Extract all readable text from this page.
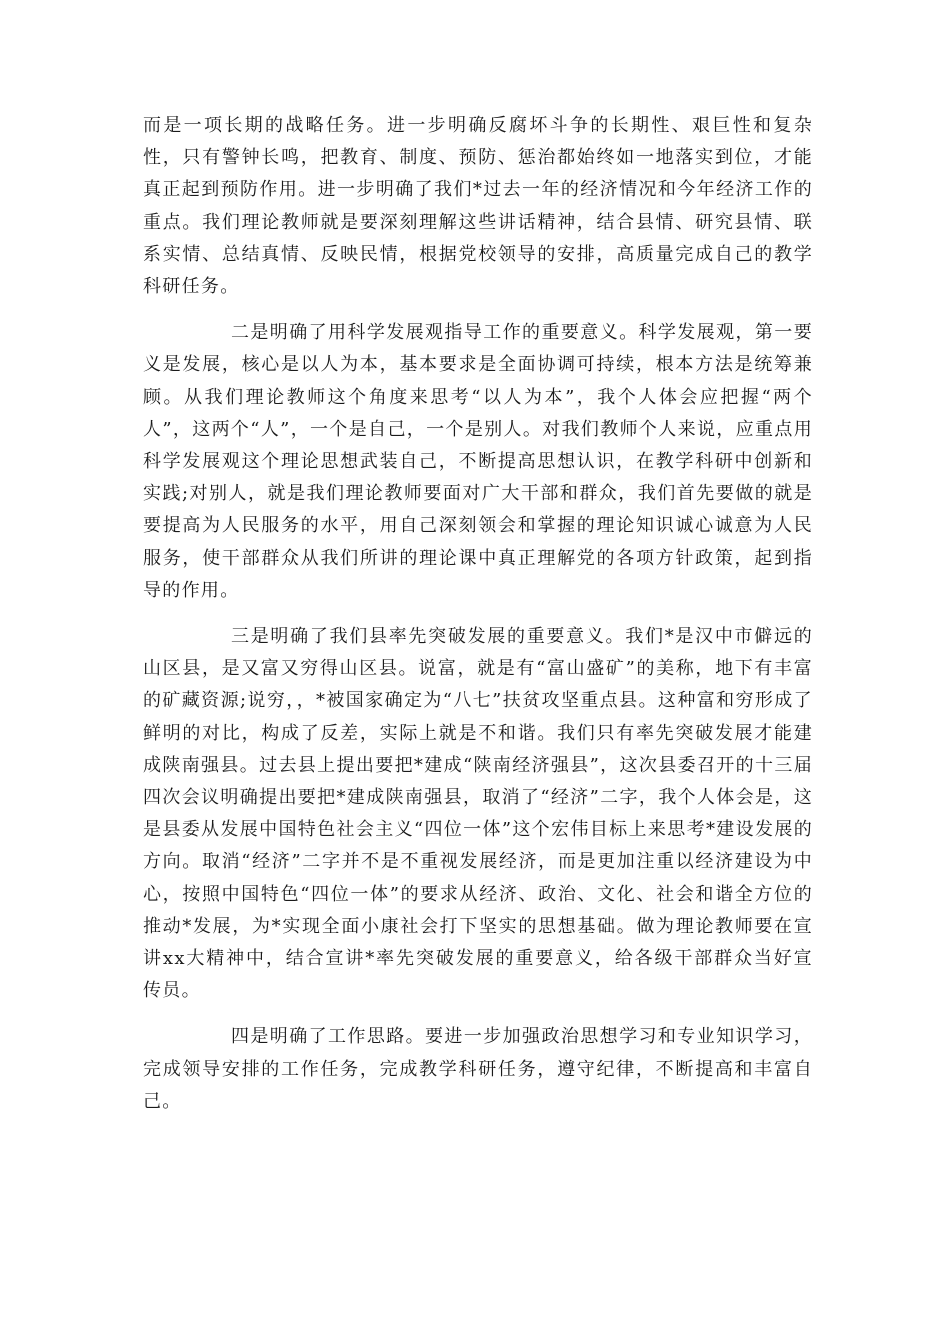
而是一项长期的战略任务。进一步明确反腐坏斗争的长期性、艰巨性和复杂性，只有警钟长鸣，把教育、制度、预防、惩治都始终如一地落实到位，才能真正起到预防作用。进一步明确了我们*过去一年的经济情况和今年经济工作的重点。我们理论教师就是要深刻理解这些讲话精神，结合县情、研究县情、联系实情、总结真情、反映民情，根据党校领导的安排，高质量完成自己的教学科研任务。

二是明确了用科学发展观指导工作的重要意义。科学发展观，第一要义是发展，核心是以人为本，基本要求是全面协调可持续，根本方法是统筹兼顾。从我们理论教师这个角度来思考“以人为本”，我个人体会应把握“两个人”，这两个“人”，一个是自己，一个是别人。对我们教师个人来说，应重点用科学发展观这个理论思想武装自己，不断提高思想认识，在教学科研中创新和实践;对别人，就是我们理论教师要面对广大干部和群众，我们首先要做的就是要提高为人民服务的水平，用自己深刻领会和掌握的理论知识诚心诚意为人民服务，使干部群众从我们所讲的理论课中真正理解党的各项方针政策，起到指导的作用。

三是明确了我们县率先突破发展的重要意义。我们*是汉中市僻远的山区县，是又富又穷得山区县。说富，就是有“富山盛矿”的美称，地下有丰富的矿藏资源;说穷，，*被国家确定为“八七”扶贫攻坚重点县。这种富和穷形成了鲜明的对比，构成了反差，实际上就是不和谐。我们只有率先突破发展才能建成陕南强县。过去县上提出要把*建成“陕南经济强县”，这次县委召开的十三届四次会议明确提出要把*建成陕南强县，取消了“经济”二字，我个人体会是，这是县委从发展中国特色社会主义“四位一体”这个宏伟目标上来思考*建设发展的方向。取消“经济”二字并不是不重视发展经济，而是更加注重以经济建设为中心，按照中国特色“四位一体”的要求从经济、政治、文化、社会和谐全方位的推动*发展，为*实现全面小康社会打下坚实的思想基础。做为理论教师要在宣讲xx大精神中，结合宣讲*率先突破发展的重要意义，给各级干部群众当好宣传员。

四是明确了工作思路。要进一步加强政治思想学习和专业知识学习，完成领导安排的工作任务，完成教学科研任务，遵守纪律，不断提高和丰富自己。
